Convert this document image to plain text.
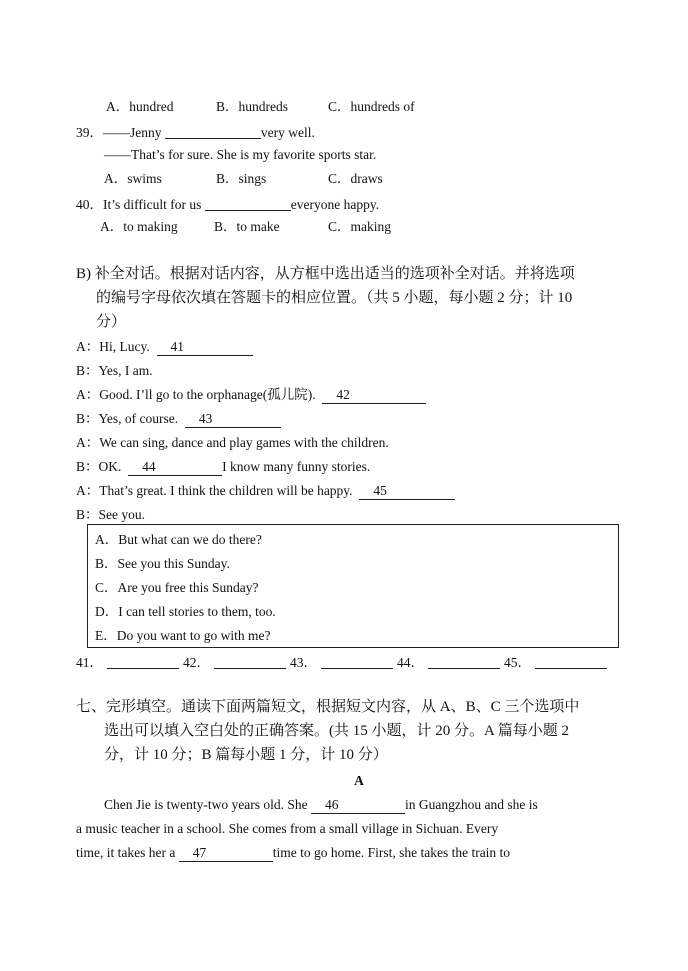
A．hundred	B．hundreds	C．hundreds of
39．——Jenny	very well.
——That’s for sure. She is my favorite sports star.
A．swims	B．sings	C．draws
40．It’s difficult for us	everyone happy.
A．to making	B．to make	C．making
B) 补全对话。根据对话内容，从方框中选出适当的选项补全对话。并将选项
的编号字母依次填在答题卡的相应位置。（共 5 小题，每小题 2 分；计 10
分）
A：Hi, Lucy. 41
B：Yes, I am.
A：Good. I’ll go to the orphanage(孤儿院). 42
B：Yes, of course. 43
A：We can sing, dance and play games with the children.
B：OK. 44	I know many funny stories.
A：That’s great. I think the children will be happy. 45
B：See you.
A．But what can we do there?
B．See you this Sunday.
C．Are you free this Sunday?
D．I can tell stories to them, too.
E．Do you want to go with me?
41．	42．	43．	44．	45．
七、完形填空。通读下面两篇短文，根据短文内容，从 A、B、C 三个选项中
选出可以填入空白处的正确答案。(共 15 小题，计 20 分。A 篇每小题 2
分，计 10 分；B 篇每小题 1 分，计 10 分）
A
Chen Jie is twenty-two years old. She 46	in Guangzhou and she is
a music teacher in a school. She comes from a small village in Sichuan. Every
time, it takes her a 47	time to go home. First, she takes the train to
